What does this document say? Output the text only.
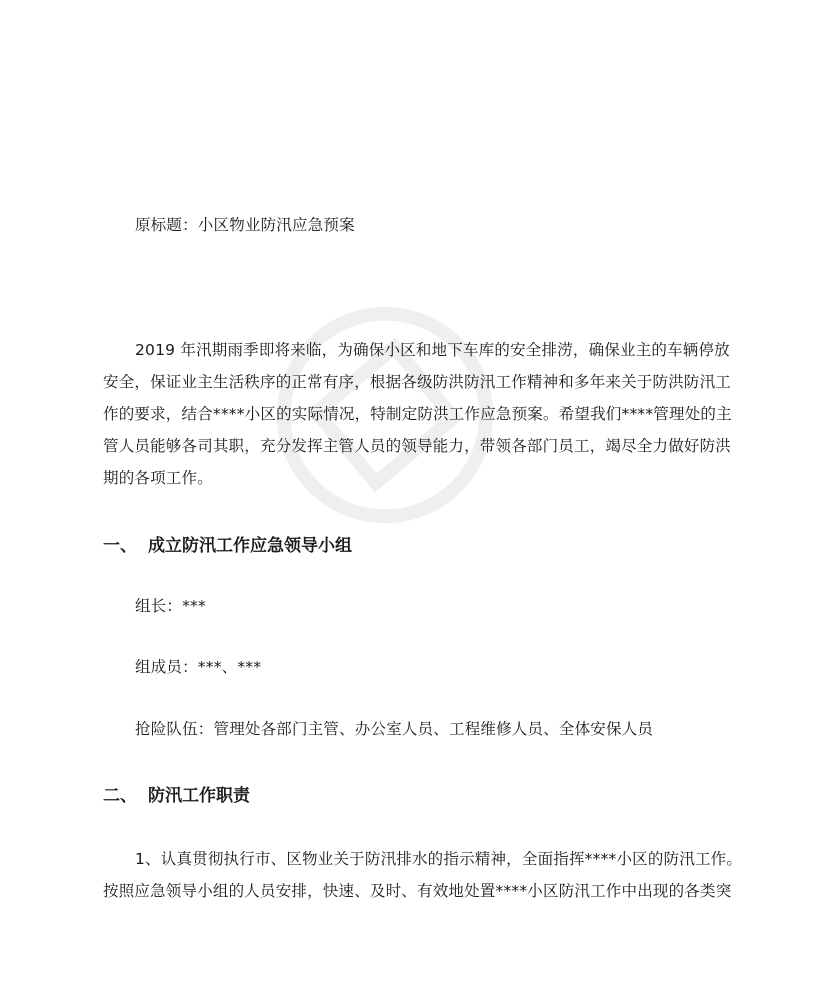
原标题：小区物业防汛应急预案
2019 年汛期雨季即将来临，为确保小区和地下车库的安全排涝，确保业主的车辆停放
安全，保证业主生活秩序的正常有序，根据各级防洪防汛工作精神和多年来关于防洪防汛工
作的要求，结合****小区的实际情况，特制定防洪工作应急预案。希望我们****管理处的主
管人员能够各司其职，充分发挥主管人员的领导能力，带领各部门员工，竭尽全力做好防洪
期的各项工作。
一、 成立防汛工作应急领导小组
组长：***
组成员：***、***
抢险队伍：管理处各部门主管、办公室人员、工程维修人员、全体安保人员
二、 防汛工作职责
1、认真贯彻执行市、区物业关于防汛排水的指示精神，全面指挥****小区的防汛工作。
按照应急领导小组的人员安排，快速、及时、有效地处置****小区防汛工作中出现的各类突
